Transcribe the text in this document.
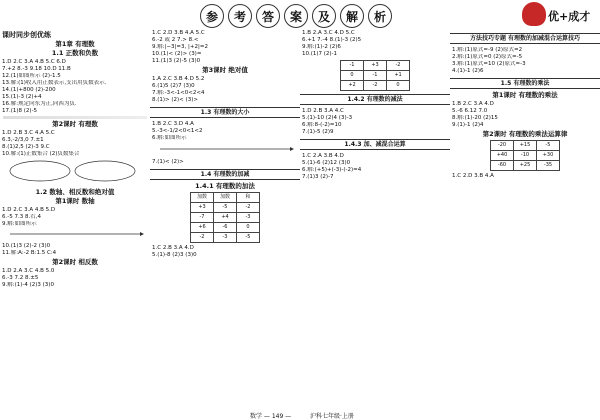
参	考	答	案	及	解	析	优+成才
课时同步创优练
第1章 有理数
1.1 正数和负数
1.D 2.C 3.A 4.B 5.C 6.D
7.+2 8.-3 9.18 10.D 11.B
12.(1)如图所示 (2)-1.5
13.解:(1)收入用正数表示,支出用负数表示.
14.(1)+800 (2)-200
15.(1)-3 (2)+4
16.解:规定向东为正,向西为负.
17.(1)8 (2)-5
第2课时 有理数
1.D 2.B 3.C 4.A 5.C
6.3,-2/3,0 7.±1
8.(1)2,5 (2)-3 9.C
10.解:(1)正数集合 (2)负数集合
1.2 数轴、相反数和绝对值
第1课时 数轴
1.D 2.C 3.A 4.B 5.D
6.-5 7.3 8.右,4
9.解:如图所示
10.(1)3 (2)-2 (3)0
11.解:A:-2 B:1.5 C:4
第2课时 相反数
1.D 2.A 3.C 4.B 5.0
6.-3 7.2 8.±5
9.解:(1)-4 (2)3 (3)0
1.C 2.D 3.B 4.A 5.C
6.-2 或 2 7.> 8.<
9.解:|−3|=3, |+2|=2
10.(1)< (2)> (3)=
11.(1)3 (2)-5 (3)0
第3课时 绝对值
1.A 2.C 3.B 4.D 5.2
6.(1)5 (2)7 (3)0
7.解:-3<-1<0<2<4
8.(1)> (2)< (3)>
1.3 有理数的大小
1.B 2.C 3.D 4.A
5.-3<-1/2<0<1<2
6.解:如图所示
7.(1)< (2)>
1.4 有理数的加减
1.4.1 有理数的加法
加数	加数	和
+3	-5	-2
-7	+4	-3
+6	-6	0
-2	-3	-5
1.C 2.B 3.A 4.D
5.(1)-8 (2)3 (3)0
1.B 2.A 3.C 4.D 5.C
6.+1 7.-4 8.(1)-3 (2)5
9.解:(1)-2 (2)6
10.(1)7 (2)-1
-1	+3	-2
0	-1	+1
+2	-2	0
1.4.2 有理数的减法
1.D 2.B 3.A 4.C
5.(1)-10 (2)4 (3)-3
6.解:8-(-2)=10
7.(1)-5 (2)9
1.4.3 加、减混合运算
1.C 2.A 3.B 4.D
5.(1)-6 (2)12 (3)0
6.解:(+5)+(-3)-(-2)=4
7.(1)3 (2)-7
方法技巧专题 有理数的加减混合运算技巧
1.解:(1)原式=-9 (2)原式=2
2.解:(1)原式=0 (2)原式=-5
3.解:(1)原式=10 (2)原式=-3
4.(1)-1 (2)6
1.5 有理数的乘法
第1课时 有理数的乘法
1.B 2.C 3.A 4.D
5.-6 6.12 7.0
8.解:(1)-20 (2)15
9.(1)-1 (2)4
第2课时 有理数的乘法运算律
-20	+15	-5
+40	-10	+30
-60	+25	-35
1.C 2.D 3.B 4.A
数学 — 149 —	沪科七年级·上册
